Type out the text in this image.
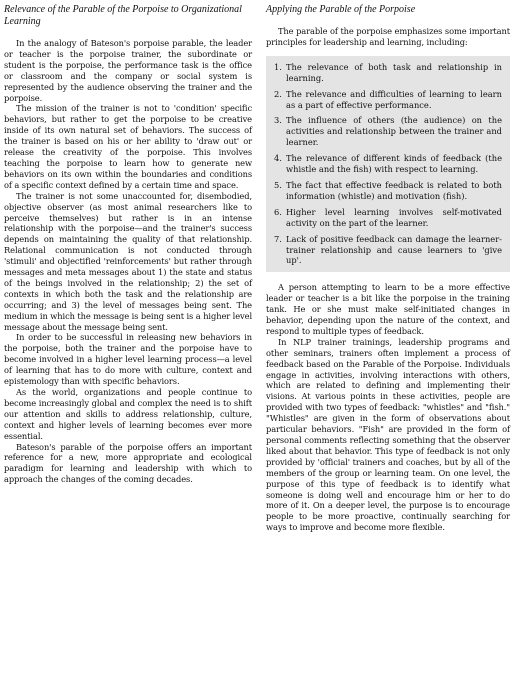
Relevance of the Parable of the Porpoise to Organizational Learning

In the analogy of Bateson's porpoise parable, the leader or teacher is the porpoise trainer, the subordinate or student is the porpoise, the performance task is the office or classroom and the company or social system is represented by the audience observing the trainer and the porpoise.

The mission of the trainer is not to 'condition' specific behaviors, but rather to get the porpoise to be creative inside of its own natural set of behaviors. The success of the trainer is based on his or her ability to 'draw out' or release the creativity of the porpoise. This involves teaching the porpoise to learn how to generate new behaviors on its own within the boundaries and conditions of a specific context defined by a certain time and space.

The trainer is not some unaccounted for, disembodied, objective observer (as most animal researchers like to perceive themselves) but rather is in an intense relationship with the porpoise—and the trainer's success depends on maintaining the quality of that relationship. Relational communication is not conducted through 'stimuli' and objectified 'reinforcements' but rather through messages and meta messages about 1) the state and status of the beings involved in the relationship; 2) the set of contexts in which both the task and the relationship are occurring; and 3) the level of messages being sent. The medium in which the message is being sent is a higher level message about the message being sent.

In order to be successful in releasing new behaviors in the porpoise, both the trainer and the porpoise have to become involved in a higher level learning process—a level of learning that has to do more with culture, context and epistemology than with specific behaviors.

As the world, organizations and people continue to become increasingly global and complex the need is to shift our attention and skills to address relationship, culture, context and higher levels of learning becomes ever more essential.

Bateson's parable of the porpoise offers an important reference for a new, more appropriate and ecological paradigm for learning and leadership with which to approach the changes of the coming decades.

Applying the Parable of the Porpoise

The parable of the porpoise emphasizes some important principles for leadership and learning, including:

1. The relevance of both task and relationship in learning.
2. The relevance and difficulties of learning to learn as a part of effective performance.
3. The influence of others (the audience) on the activities and relationship between the trainer and learner.
4. The relevance of different kinds of feedback (the whistle and the fish) with respect to learning.
5. The fact that effective feedback is related to both information (whistle) and motivation (fish).
6. Higher level learning involves self-motivated activity on the part of the learner.
7. Lack of positive feedback can damage the learner-trainer relationship and cause learners to 'give up'.

A person attempting to learn to be a more effective leader or teacher is a bit like the porpoise in the training tank. He or she must make self-initiated changes in behavior, depending upon the nature of the context, and respond to multiple types of feedback.

In NLP trainer trainings, leadership programs and other seminars, trainers often implement a process of feedback based on the Parable of the Porpoise. Individuals engage in activities, involving interactions with others, which are related to defining and implementing their visions. At various points in these activities, people are provided with two types of feedback: "whistles" and "fish." "Whistles" are given in the form of observations about particular behaviors. "Fish" are provided in the form of personal comments reflecting something that the observer liked about that behavior. This type of feedback is not only provided by 'official' trainers and coaches, but by all of the members of the group or learning team. On one level, the purpose of this type of feedback is to identify what someone is doing well and encourage him or her to do more of it. On a deeper level, the purpose is to encourage people to be more proactive, continually searching for ways to improve and become more flexible.
